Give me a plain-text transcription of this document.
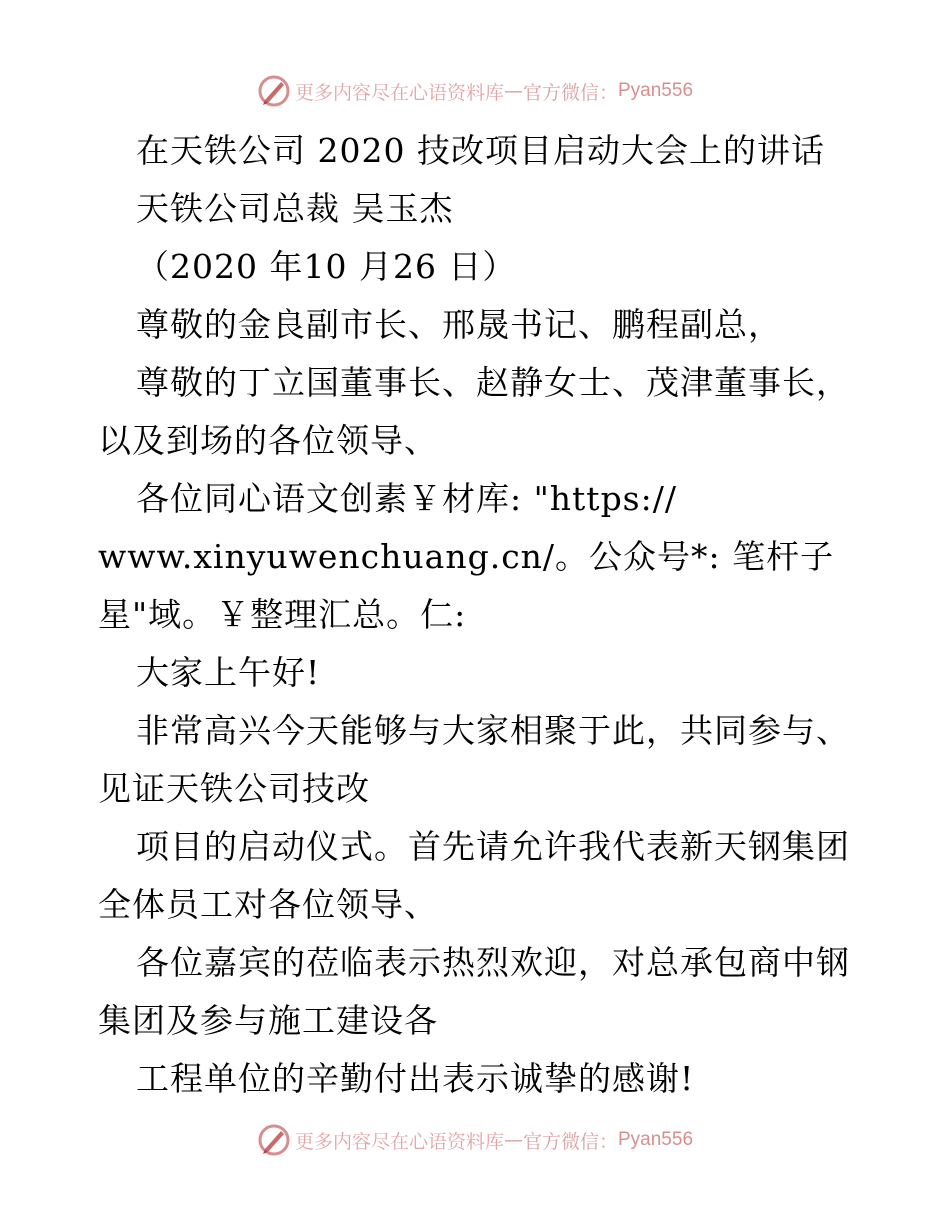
更多内容尽在心语资料库 — 官方微信： Pyan556
在天铁公司 2020 技改项目启动大会上的讲话
天铁公司总裁 吴玉杰
（2020 年10 月26 日）
尊敬的金良副市长、邢晟书记、鹏程副总，
尊敬的丁立国董事长、赵静女士、茂津董事长，
以及到场的各位领导、
各位同心语文创素￥材库: "https://
www.xinyuwenchuang.cn/。公众号*: 笔杆子
星"域。￥整理汇总。仁:
大家上午好!
非常高兴今天能够与大家相聚于此，共同参与、
见证天铁公司技改
项目的启动仪式。首先请允许我代表新天钢集团
全体员工对各位领导、
各位嘉宾的莅临表示热烈欢迎，对总承包商中钢
集团及参与施工建设各
工程单位的辛勤付出表示诚挚的感谢!
更多内容尽在心语资料库 — 官方微信： Pyan556
